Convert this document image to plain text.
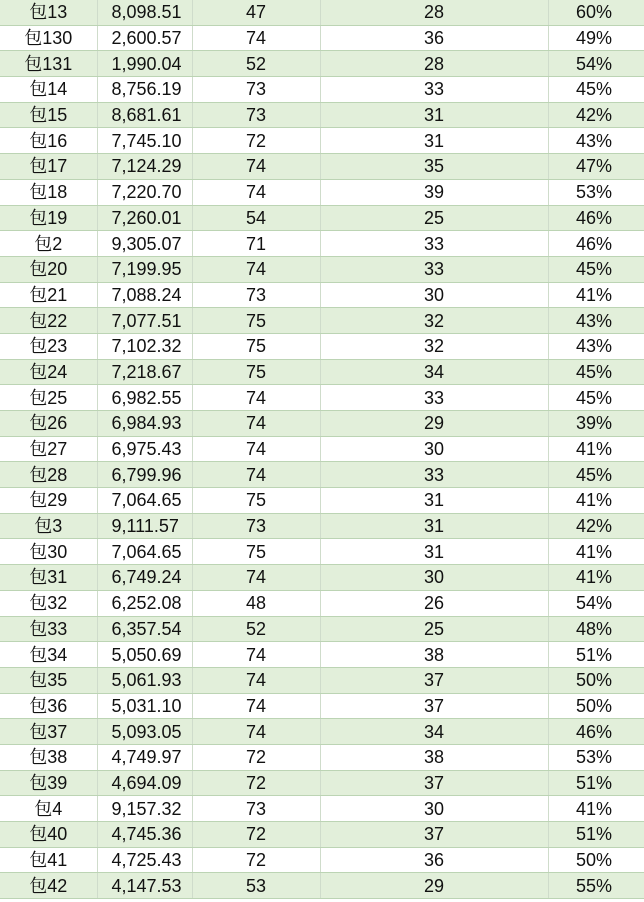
包13	8,098.51	47	28	60%
包130	2,600.57	74	36	49%
包131	1,990.04	52	28	54%
包14	8,756.19	73	33	45%
包15	8,681.61	73	31	42%
包16	7,745.10	72	31	43%
包17	7,124.29	74	35	47%
包18	7,220.70	74	39	53%
包19	7,260.01	54	25	46%
包2	9,305.07	71	33	46%
包20	7,199.95	74	33	45%
包21	7,088.24	73	30	41%
包22	7,077.51	75	32	43%
包23	7,102.32	75	32	43%
包24	7,218.67	75	34	45%
包25	6,982.55	74	33	45%
包26	6,984.93	74	29	39%
包27	6,975.43	74	30	41%
包28	6,799.96	74	33	45%
包29	7,064.65	75	31	41%
包3	9,111.57	73	31	42%
包30	7,064.65	75	31	41%
包31	6,749.24	74	30	41%
包32	6,252.08	48	26	54%
包33	6,357.54	52	25	48%
包34	5,050.69	74	38	51%
包35	5,061.93	74	37	50%
包36	5,031.10	74	37	50%
包37	5,093.05	74	34	46%
包38	4,749.97	72	38	53%
包39	4,694.09	72	37	51%
包4	9,157.32	73	30	41%
包40	4,745.36	72	37	51%
包41	4,725.43	72	36	50%
包42	4,147.53	53	29	55%
